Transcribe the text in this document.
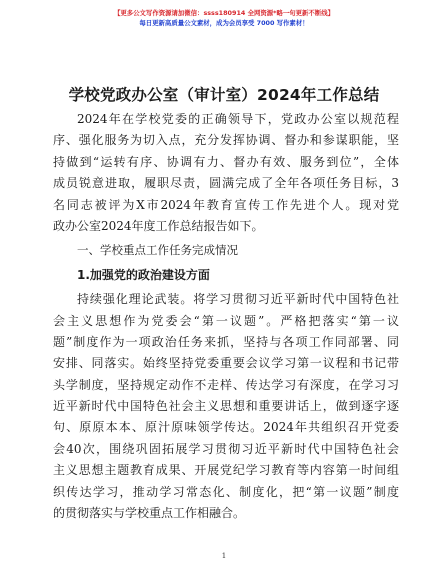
【更多公文写作资源请加微信：ssss180914 全网资源*略一句更新不断线】
每日更新高质量公文素材，成为会员享受 7000 写作素材！
学校党政办公室（审计室）2024年工作总结
2024年在学校党委的正确领导下，党政办公室以规范程
序、强化服务为切入点，充分发挥协调、督办和参谋职能，坚
持做到“运转有序、协调有力、督办有效、服务到位”，全体
成员锐意进取，履职尽责，圆满完成了全年各项任务目标，3
名同志被评为X市2024年教育宣传工作先进个人。现对党
政办公室2024年度工作总结报告如下。
一、学校重点工作任务完成情况
1.加强党的政治建设方面
持续强化理论武装。将学习贯彻习近平新时代中国特色社
会主义思想作为党委会“第一议题”。严格把落实“第一议
题”制度作为一项政治任务来抓，坚持与各项工作同部署、同
安排、同落实。始终坚持党委重要会议学习第一议程和书记带
头学制度，坚持规定动作不走样、传达学习有深度，在学习习
近平新时代中国特色社会主义思想和重要讲话上，做到逐字逐
句、原原本本、原汁原味领学传达。2024年共组织召开党委
会40次，围绕巩固拓展学习贯彻习近平新时代中国特色社会
主义思想主题教育成果、开展党纪学习教育等内容第一时间组
织传达学习，推动学习常态化、制度化，把“第一议题”制度
的贯彻落实与学校重点工作相融合。
1
